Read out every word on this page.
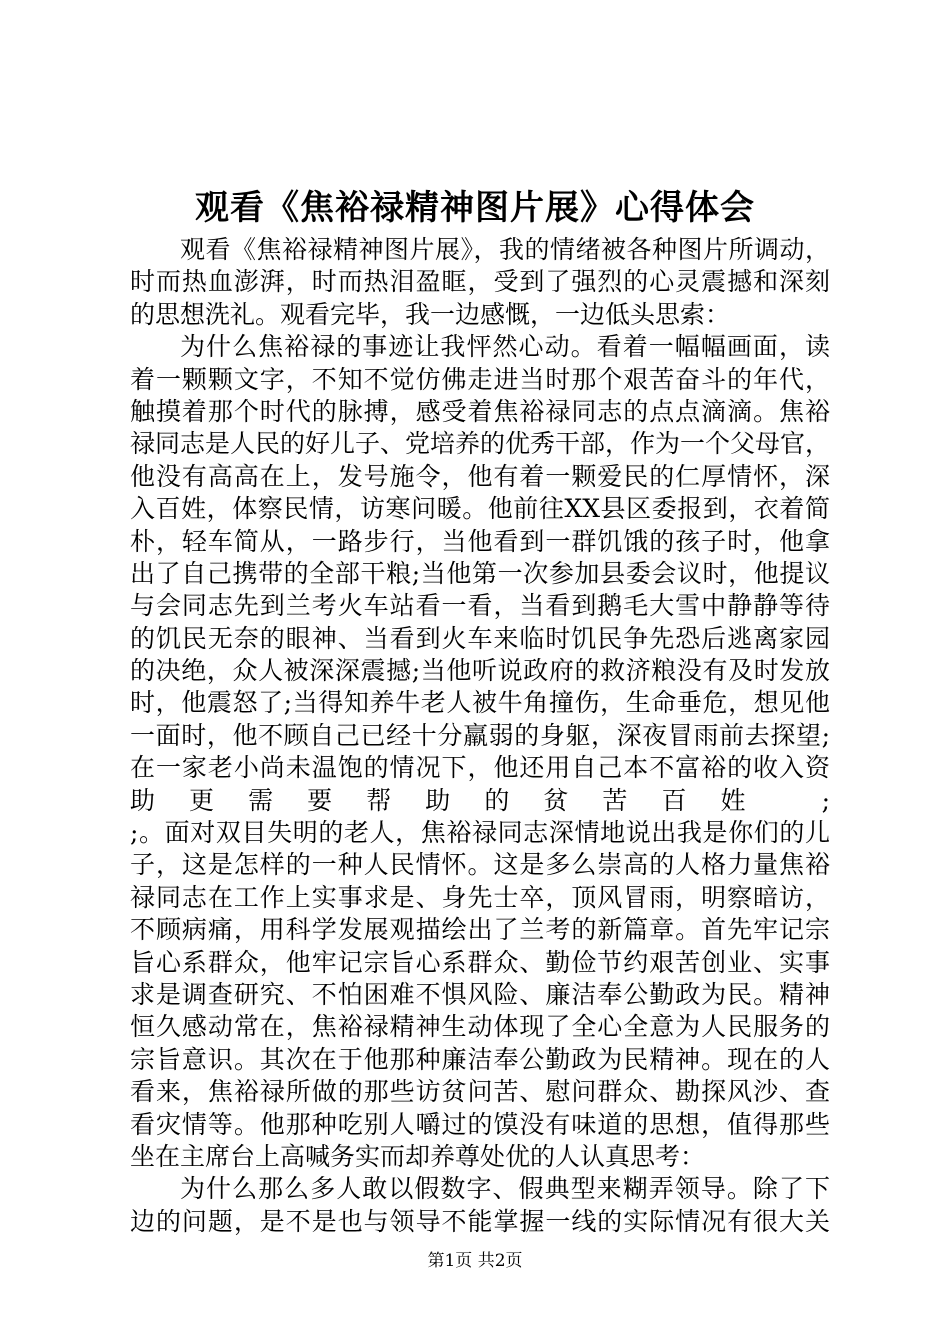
观看《焦裕禄精神图片展》心得体会
观看《焦裕禄精神图片展》，我的情绪被各种图片所调动，
时而热血澎湃，时而热泪盈眶，受到了强烈的心灵震撼和深刻
的思想洗礼。观看完毕，我一边感慨，一边低头思索：
为什么焦裕禄的事迹让我怦然心动。看着一幅幅画面，读
着一颗颗文字，不知不觉仿佛走进当时那个艰苦奋斗的年代，
触摸着那个时代的脉搏，感受着焦裕禄同志的点点滴滴。焦裕
禄同志是人民的好儿子、党培养的优秀干部，作为一个父母官，
他没有高高在上，发号施令，他有着一颗爱民的仁厚情怀，深
入百姓，体察民情，访寒问暖。他前往XX县区委报到，衣着简
朴，轻车简从，一路步行，当他看到一群饥饿的孩子时，他拿
出了自己携带的全部干粮;当他第一次参加县委会议时，他提议
与会同志先到兰考火车站看一看，当看到鹅毛大雪中静静等待
的饥民无奈的眼神、当看到火车来临时饥民争先恐后逃离家园
的决绝，众人被深深震撼;当他听说政府的救济粮没有及时发放
时，他震怒了;当得知养牛老人被牛角撞伤，生命垂危，想见他
一面时，他不顾自己已经十分羸弱的身躯，深夜冒雨前去探望;
在一家老小尚未温饱的情况下，他还用自己本不富裕的收入资
助更需要帮助的贫苦百姓 ;
;。面对双目失明的老人，焦裕禄同志深情地说出我是你们的儿
子，这是怎样的一种人民情怀。这是多么崇高的人格力量焦裕
禄同志在工作上实事求是、身先士卒，顶风冒雨，明察暗访，
不顾病痛，用科学发展观描绘出了兰考的新篇章。首先牢记宗
旨心系群众，他牢记宗旨心系群众、勤俭节约艰苦创业、实事
求是调查研究、不怕困难不惧风险、廉洁奉公勤政为民。精神
恒久感动常在，焦裕禄精神生动体现了全心全意为人民服务的
宗旨意识。其次在于他那种廉洁奉公勤政为民精神。现在的人
看来，焦裕禄所做的那些访贫问苦、慰问群众、勘探风沙、查
看灾情等。他那种吃别人嚼过的馍没有味道的思想，值得那些
坐在主席台上高喊务实而却养尊处优的人认真思考：
为什么那么多人敢以假数字、假典型来糊弄领导。除了下
边的问题，是不是也与领导不能掌握一线的实际情况有很大关
第1页 共2页
